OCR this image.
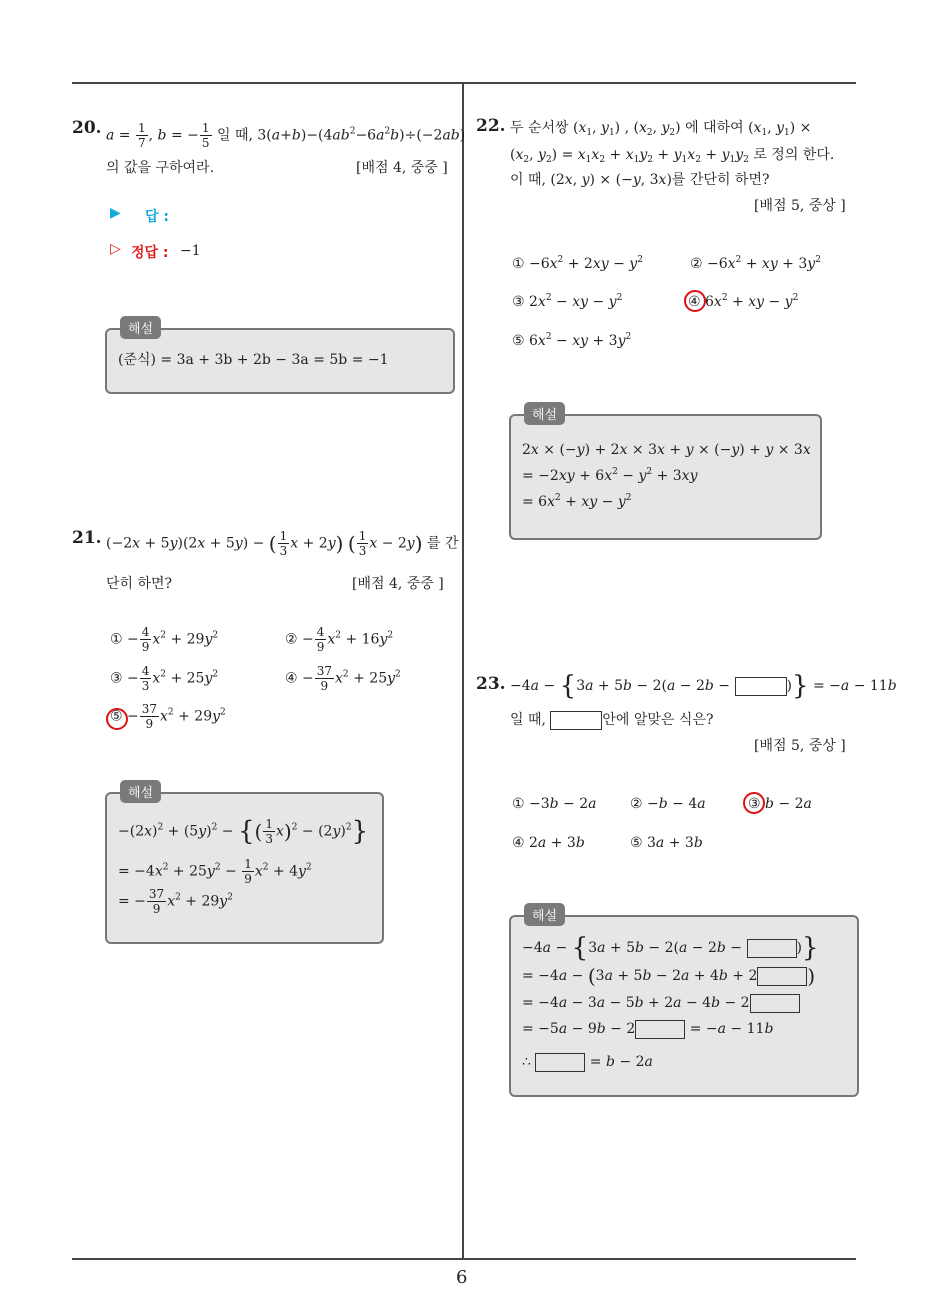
6
20. $a = \frac{1}{7}$ , b = − $\frac{1}{5}$ 일 때, $3(a+b)-(4ab^2-6a^2b)\div(-2ab)$
의 값을 구하여라.	[배점 4, 중중 ]
▶ 답 :
▷ 정답 : −1
해설
(준식) = 3a + 3b + 2b − 3a = 5b = −1
21. (−2x + 5y)(2x + 5y) − ( $\frac{1}{3}$ x + 2y) ( $\frac{1}{3}$ x − 2y) 를 간
단히 하면?	[배점 4, 중중 ]
① − $\frac{4}{9} x^2 + 29y^2$	② − $\frac{4}{9} x^2 + 16y^2$
③ − $\frac{4}{3} x^2 + 25y^2$	④ − $\frac{37}{9} x^2 + 25y^2$
⑤ − $\frac{37}{9} x^2 + 29y^2$
해설
$-(2x)^2 + (5y)^2$ − {( $\frac{1}{3} x)^2 - (2y)^2$}
= $-4x^2 + 25y^2 - \frac{1}{9} x^2 + 4y^2$
= − $\frac{37}{9} x^2 + 29y^2$
22. 두 순서쌍 ($x_1$, $y_1$) , ($x_2$, $y_2$) 에 대하여 ($x_1$, $y_1$) ×
($x_2$, $y_2) = x_1x_2 + x_1y_2 + y_1x_2 + y_1y_2$ 로 정의 한다.
이 때, (2x, y) × (−y, 3x)를 간단히 하면?
[배점 5, 중상 ]
① $-6x^2 + 2xy - y^2$	② $-6x^2$ + xy + $3y^2$
③ $2x^2$ − xy − $y^2$	④ $6x^2$ + xy − $y^2$
⑤ $6x^2$ − xy + $3y^2$
해설
2x × (−y) + 2x × 3x + y × (−y) + y × 3x
= $-2xy + 6x^2 - y^2 + 3xy$
= $6x^2$ + xy − $y^2$
23. −4a − {3a + 5b − 2(a − 2b −	)} = −a − 11b
일 때,	안에 알맞은 식은?
[배점 5, 중상 ]
① −3b − 2a ② −b − 4a	③ b − 2a
④ 2a + 3b	⑤ 3a + 3b
해설
−4a − {3a + 5b − 2(a − 2b −	)}
= −4a − (3a + 5b − 2a + 4b + 2	)
= −4a − 3a − 5b + 2a − 4b − 2
= −5a − 9b − 2	= −a − 11b
∴	= b − 2a
